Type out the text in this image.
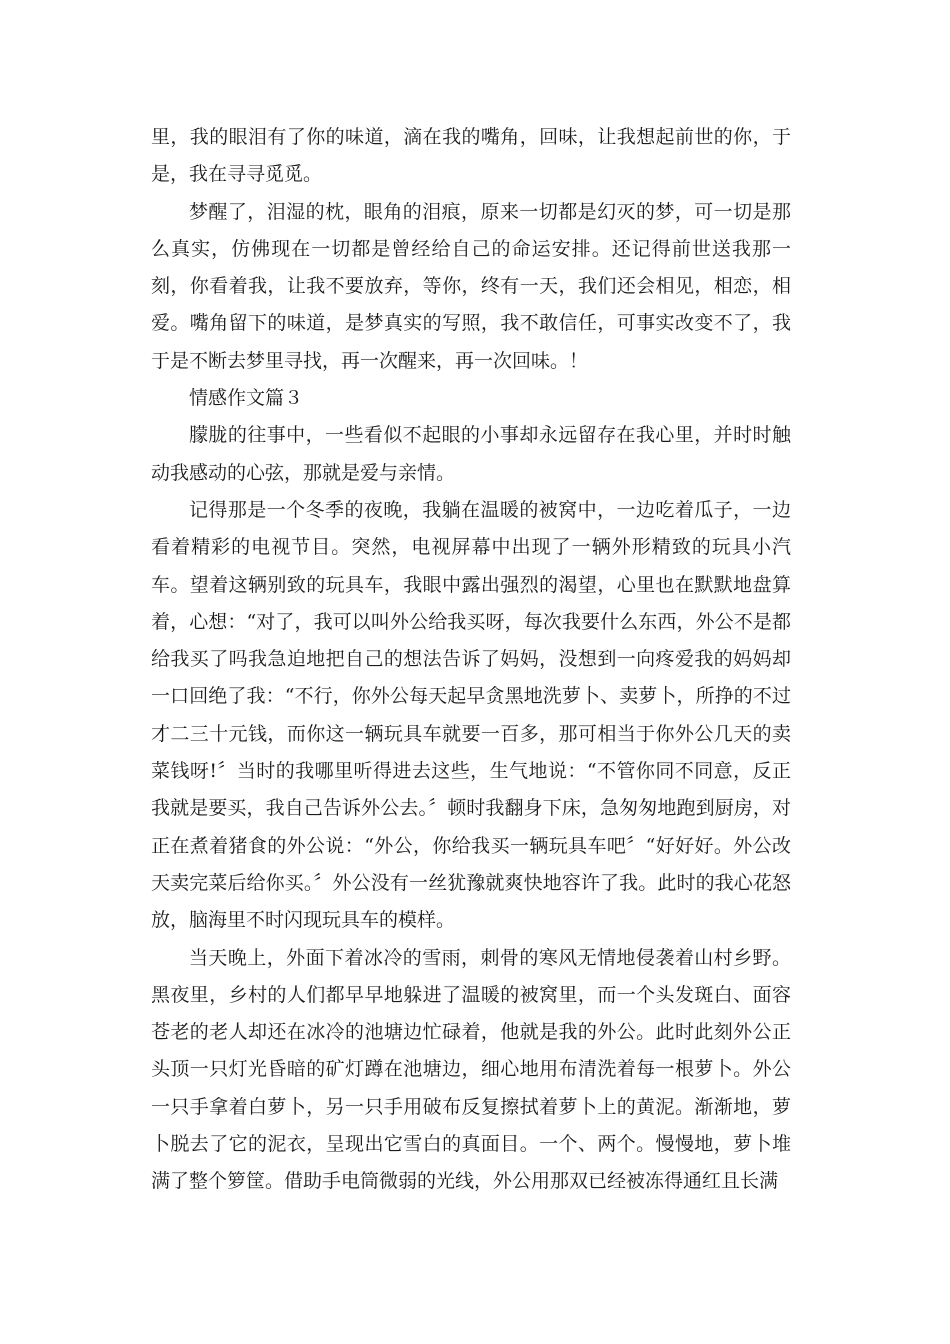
里，我的眼泪有了你的味道，滴在我的嘴角，回味，让我想起前世的你，于是，我在寻寻觅觅。

梦醒了，泪湿的枕，眼角的泪痕，原来一切都是幻灭的梦，可一切是那么真实，仿佛现在一切都是曾经给自己的命运安排。还记得前世送我那一刻，你看着我，让我不要放弃，等你，终有一天，我们还会相见，相恋，相爱。嘴角留下的味道，是梦真实的写照，我不敢信任，可事实改变不了，我于是不断去梦里寻找，再一次醒来，再一次回味。！

情感作文篇３

朦胧的往事中，一些看似不起眼的小事却永远留存在我心里，并时时触动我感动的心弦，那就是爱与亲情。

记得那是一个冬季的夜晚，我躺在温暖的被窝中，一边吃着瓜子，一边看着精彩的电视节目。突然，电视屏幕中出现了一辆外形精致的玩具小汽车。望着这辆别致的玩具车，我眼中露出强烈的渴望，心里也在默默地盘算着，心想：“对了，我可以叫外公给我买呀，每次我要什么东西，外公不是都给我买了吗我急迫地把自己的想法告诉了妈妈，没想到一向疼爱我的妈妈却一口回绝了我：“不行，你外公每天起早贪黑地洗萝卜、卖萝卜，所挣的不过才二三十元钱，而你这一辆玩具车就要一百多，那可相当于你外公几天的卖菜钱呀!〞当时的我哪里听得进去这些，生气地说：“不管你同不同意，反正我就是要买，我自己告诉外公去。〞顿时我翻身下床，急匆匆地跑到厨房，对正在煮着猪食的外公说：“外公，你给我买一辆玩具车吧〞“好好好。外公改天卖完菜后给你买。〞外公没有一丝犹豫就爽快地容许了我。此时的我心花怒放，脑海里不时闪现玩具车的模样。

当天晚上，外面下着冰冷的雪雨，刺骨的寒风无情地侵袭着山村乡野。黑夜里，乡村的人们都早早地躲进了温暖的被窝里，而一个头发斑白、面容苍老的老人却还在冰冷的池塘边忙碌着，他就是我的外公。此时此刻外公正头顶一只灯光昏暗的矿灯蹲在池塘边，细心地用布清洗着每一根萝卜。外公一只手拿着白萝卜，另一只手用破布反复擦拭着萝卜上的黄泥。渐渐地，萝卜脱去了它的泥衣，呈现出它雪白的真面目。一个、两个。慢慢地，萝卜堆满了整个箩筐。借助手电筒微弱的光线，外公用那双已经被冻得通红且长满
